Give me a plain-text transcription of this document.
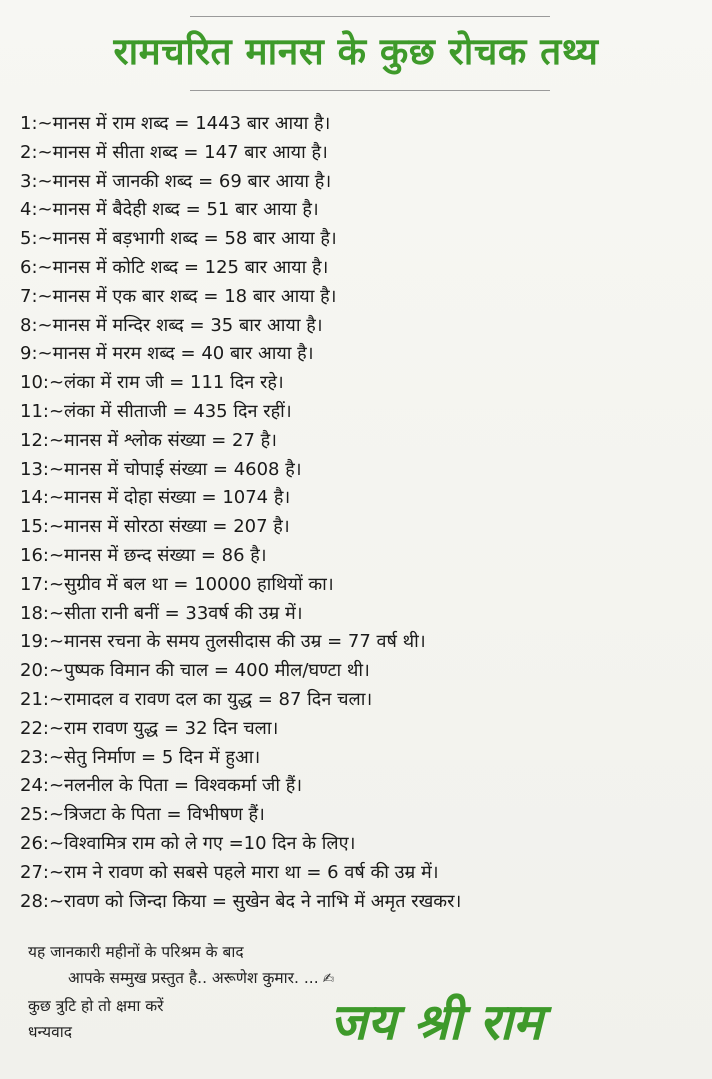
रामचरित मानस के कुछ रोचक तथ्य
1:~मानस में राम शब्द = 1443 बार आया है।
2:~मानस में सीता शब्द = 147 बार आया है।
3:~मानस में जानकी शब्द = 69 बार आया है।
4:~मानस में बैदेही शब्द = 51 बार आया है।
5:~मानस में बड़भागी शब्द = 58 बार आया है।
6:~मानस में कोटि शब्द = 125 बार आया है।
7:~मानस में एक बार शब्द = 18 बार आया है।
8:~मानस में मन्दिर शब्द = 35 बार आया है।
9:~मानस में मरम शब्द = 40 बार आया है।
10:~लंका में राम जी = 111 दिन रहे।
11:~लंका में सीताजी = 435 दिन रहीं।
12:~मानस में श्लोक संख्या = 27 है।
13:~मानस में चोपाई संख्या = 4608 है।
14:~मानस में दोहा संख्या = 1074 है।
15:~मानस में सोरठा संख्या = 207 है।
16:~मानस में छन्द संख्या = 86 है।
17:~सुग्रीव में बल था = 10000 हाथियों का।
18:~सीता रानी बनीं = 33वर्ष की उम्र में।
19:~मानस रचना के समय तुलसीदास की उम्र = 77 वर्ष थी।
20:~पुष्पक विमान की चाल = 400 मील/घण्टा थी।
21:~रामादल व रावण दल का युद्ध = 87 दिन चला।
22:~राम रावण युद्ध = 32 दिन चला।
23:~सेतु निर्माण = 5 दिन में हुआ।
24:~नलनील के पिता = विश्वकर्मा जी हैं।
25:~त्रिजटा के पिता = विभीषण हैं।
26:~विश्वामित्र राम को ले गए =10 दिन के लिए।
27:~राम ने रावण को सबसे पहले मारा था = 6 वर्ष की उम्र में।
28:~रावण को जिन्दा किया = सुखेन बेद ने नाभि में अमृत रखकर।
यह जानकारी महीनों के परिश्रम के बाद
आपके सम्मुख प्रस्तुत है.. अरूणेश कुमार. ... ✍
कुछ त्रुटि हो तो क्षमा करें
धन्यवाद	जय श्री राम
